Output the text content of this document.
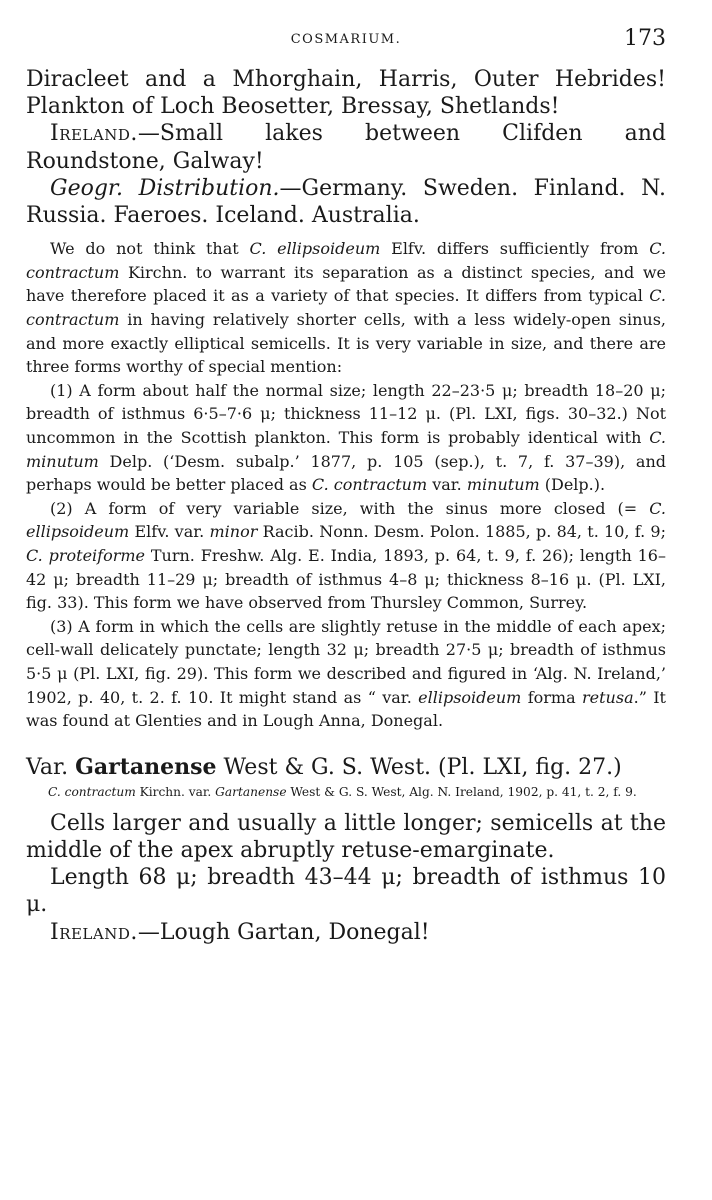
COSMARIUM.	173
Diracleet and a Mhorghain, Harris, Outer Hebrides! Plankton of Loch Beosetter, Bressay, Shetlands!
Ireland.—Small lakes between Clifden and Roundstone, Galway!
Geogr. Distribution.—Germany. Sweden. Finland. N. Russia. Faeroes. Iceland. Australia.
We do not think that C. ellipsoideum Elfv. differs sufficiently from C. contractum Kirchn. to warrant its separation as a distinct species, and we have therefore placed it as a variety of that species. It differs from typical C. contractum in having relatively shorter cells, with a less widely-open sinus, and more exactly elliptical semicells. It is very variable in size, and there are three forms worthy of special mention:
(1) A form about half the normal size; length 22–23·5 μ; breadth 18–20 μ; breadth of isthmus 6·5–7·6 μ; thickness 11–12 μ. (Pl. LXI, figs. 30–32.) Not uncommon in the Scottish plankton. This form is probably identical with C. minutum Delp. (‘Desm. subalp.’ 1877, p. 105 (sep.), t. 7, f. 37–39), and perhaps would be better placed as C. contractum var. minutum (Delp.).
(2) A form of very variable size, with the sinus more closed (= C. ellipsoideum Elfv. var. minor Racib. Nonn. Desm. Polon. 1885, p. 84, t. 10, f. 9; C. proteiforme Turn. Freshw. Alg. E. India, 1893, p. 64, t. 9, f. 26); length 16–42 μ; breadth 11–29 μ; breadth of isthmus 4–8 μ; thickness 8–16 μ. (Pl. LXI, fig. 33). This form we have observed from Thursley Common, Surrey.
(3) A form in which the cells are slightly retuse in the middle of each apex; cell-wall delicately punctate; length 32 μ; breadth 27·5 μ; breadth of isthmus 5·5 μ (Pl. LXI, fig. 29). This form we described and figured in ‘Alg. N. Ireland,’ 1902, p. 40, t. 2. f. 10. It might stand as “ var. ellipsoideum forma retusa.” It was found at Glenties and in Lough Anna, Donegal.
Var. Gartanense West & G. S. West. (Pl. LXI, fig. 27.)
C. contractum Kirchn. var. Gartanense West & G. S. West, Alg. N. Ireland, 1902, p. 41, t. 2, f. 9.
Cells larger and usually a little longer; semicells at the middle of the apex abruptly retuse-emarginate.
Length 68 μ; breadth 43–44 μ; breadth of isthmus 10 μ.
Ireland.—Lough Gartan, Donegal!
